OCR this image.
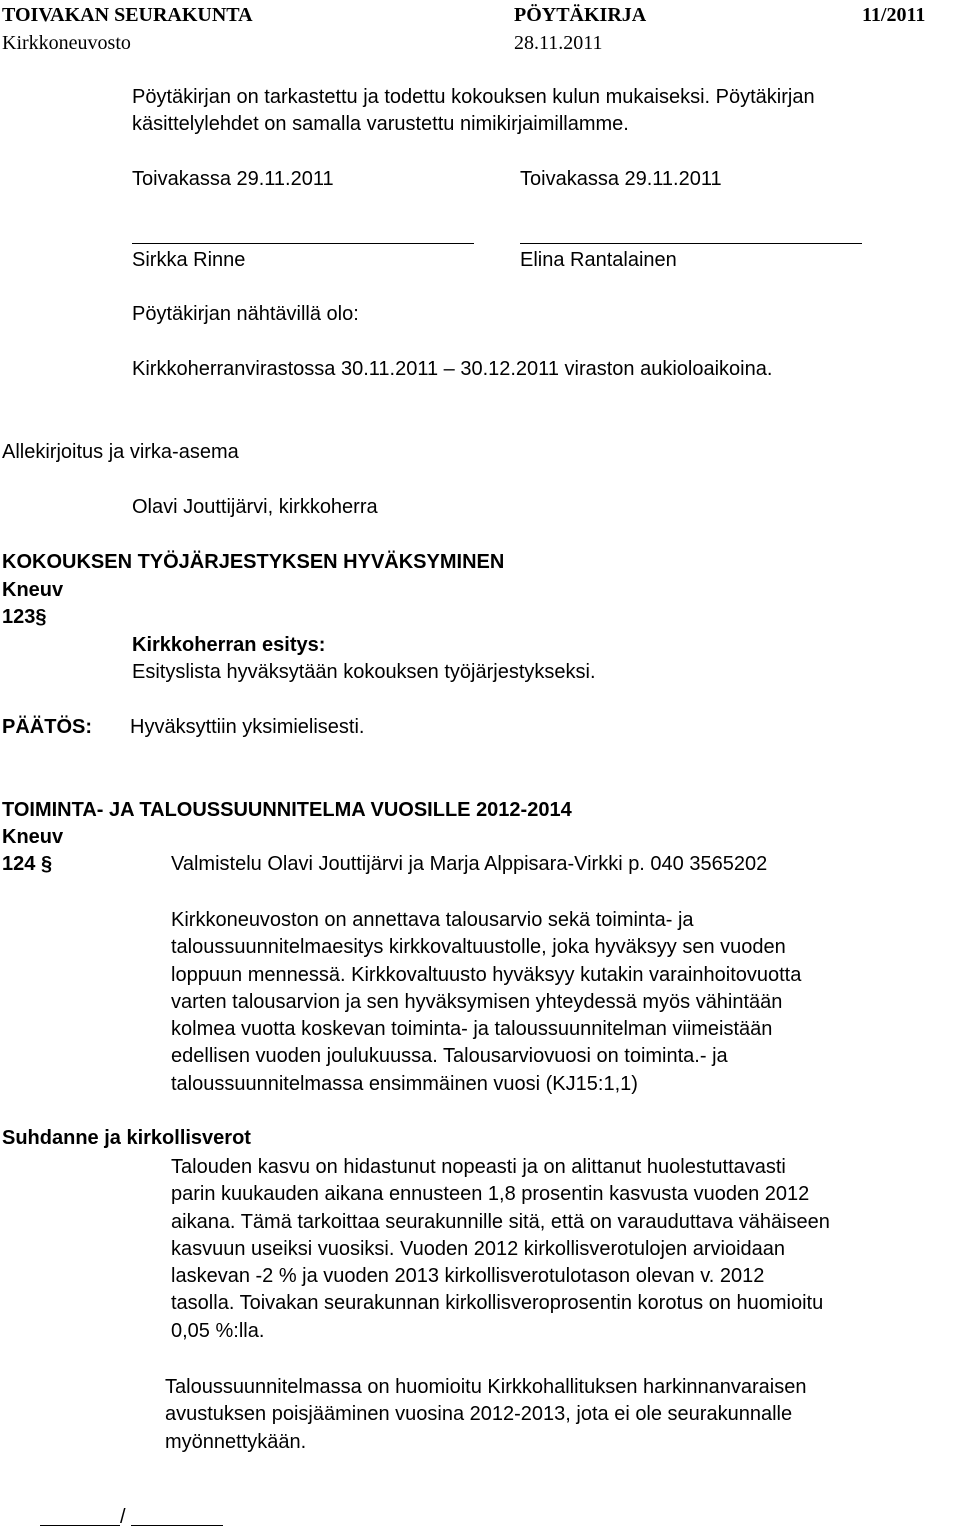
TOIVAKAN SEURAKUNTA	PÖYTÄKIRJA	11/2011
Kirkkoneuvosto	28.11.2011
Pöytäkirjan on tarkastettu ja todettu kokouksen kulun mukaiseksi. Pöytäkirjan
käsittelylehdet on samalla varustettu nimikirjaimillamme.
Toivakassa 29.11.2011	Toivakassa 29.11.2011
Sirkka Rinne	Elina Rantalainen
Pöytäkirjan nähtävillä olo:
Kirkkoherranvirastossa 30.11.2011 – 30.12.2011 viraston aukioloaikoina.
Allekirjoitus ja virka-asema
Olavi Jouttijärvi, kirkkoherra
KOKOUKSEN TYÖJÄRJESTYKSEN HYVÄKSYMINEN
Kneuv
123§
Kirkkoherran esitys:
Esityslista hyväksytään kokouksen työjärjestykseksi.
PÄÄTÖS: Hyväksyttiin yksimielisesti.
TOIMINTA- JA TALOUSSUUNNITELMA VUOSILLE 2012-2014
Kneuv
124 §	Valmistelu Olavi Jouttijärvi ja Marja Alppisara-Virkki p. 040 3565202
Kirkkoneuvoston on annettava talousarvio sekä toiminta- ja
taloussuunnitelmaesitys kirkkovaltuustolle, joka hyväksyy sen vuoden
loppuun mennessä. Kirkkovaltuusto hyväksyy kutakin varainhoitovuotta
varten talousarvion ja sen hyväksymisen yhteydessä myös vähintään
kolmea vuotta koskevan toiminta- ja taloussuunnitelman viimeistään
edellisen vuoden joulukuussa. Talousarviovuosi on toiminta.- ja
taloussuunnitelmassa ensimmäinen vuosi (KJ15:1,1)
Suhdanne ja kirkollisverot
Talouden kasvu on hidastunut nopeasti ja on alittanut huolestuttavasti
parin kuukauden aikana ennusteen 1,8 prosentin kasvusta vuoden 2012
aikana. Tämä tarkoittaa seurakunnille sitä, että on varauduttava vähäiseen
kasvuun useiksi vuosiksi. Vuoden 2012 kirkollisverotulojen arvioidaan
laskevan -2 % ja vuoden 2013 kirkollisverotulotason olevan v. 2012
tasolla. Toivakan seurakunnan kirkollisveroprosentin korotus on huomioitu
0,05 %:lla.
Taloussuunnitelmassa on huomioitu Kirkkohallituksen harkinnanvaraisen
avustuksen poisjääminen vuosina 2012-2013, jota ei ole seurakunnalle
myönnettykään.
/
